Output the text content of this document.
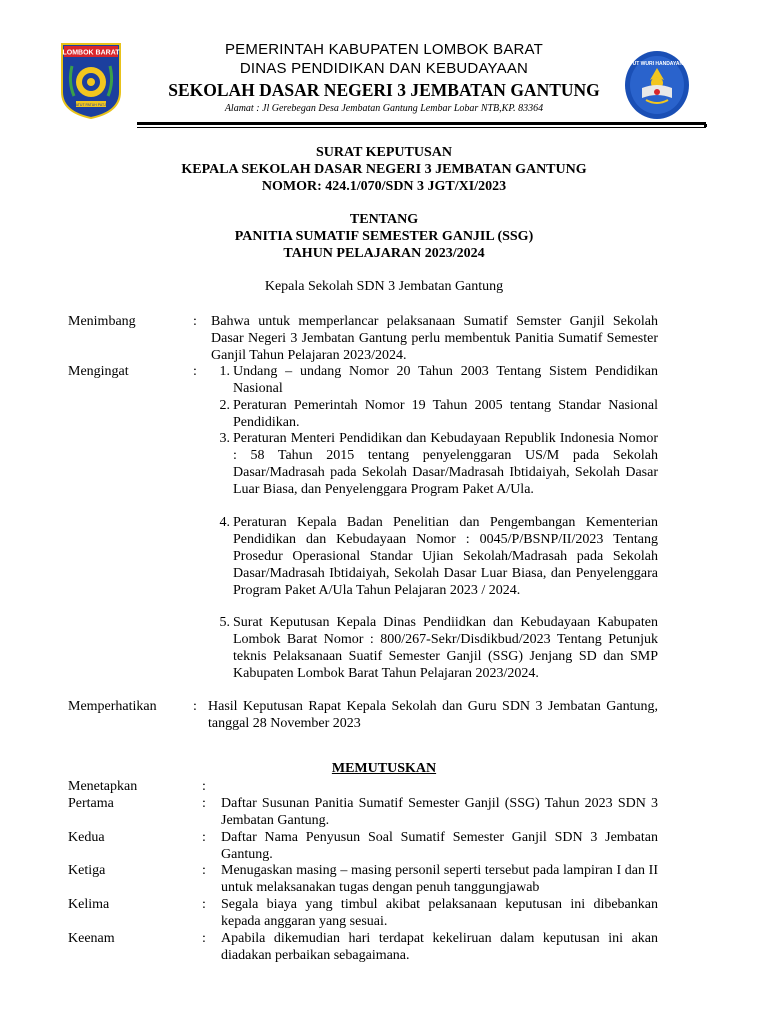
LOMBOK BARAT
PATUT PATUH PATJU
TUT WURI HANDAYANI
PEMERINTAH KABUPATEN LOMBOK BARAT
DINAS PENDIDIKAN DAN KEBUDAYAAN
SEKOLAH DASAR NEGERI 3 JEMBATAN GANTUNG
Alamat : Jl Gerebegan Desa Jembatan Gantung Lembar Lobar NTB,KP. 83364
SURAT KEPUTUSAN
KEPALA SEKOLAH DASAR NEGERI 3 JEMBATAN GANTUNG
NOMOR: 424.1/070/SDN 3 JGT/XI/2023
TENTANG
PANITIA SUMATIF SEMESTER GANJIL (SSG)
TAHUN PELAJARAN 2023/2024
Kepala Sekolah SDN 3 Jembatan Gantung
Menimbang	: Bahwa untuk memperlancar pelaksanaan Sumatif Semster Ganjil Sekolah Dasar Negeri 3 Jembatan Gantung perlu membentuk Panitia Sumatif Semester Ganjil Tahun Pelajaran 2023/2024.
Mengingat	:	1. Undang – undang Nomor 20 Tahun 2003 Tentang Sistem Pendidikan Nasional
2. Peraturan Pemerintah Nomor 19 Tahun 2005 tentang Standar Nasional Pendidikan.
3. Peraturan Menteri Pendidikan dan Kebudayaan Republik Indonesia Nomor : 58 Tahun 2015 tentang penyelenggaran US/M pada Sekolah Dasar/Madrasah pada Sekolah Dasar/Madrasah Ibtidaiyah, Sekolah Dasar Luar Biasa, dan Penyelenggara Program Paket A/Ula.
4. Peraturan Kepala Badan Penelitian dan Pengembangan Kementerian Pendidikan dan Kebudayaan Nomor : 0045/P/BSNP/II/2023 Tentang Prosedur Operasional Standar Ujian Sekolah/Madrasah pada Sekolah Dasar/Madrasah Ibtidaiyah, Sekolah Dasar Luar Biasa, dan Penyelenggara Program Paket A/Ula Tahun Pelajaran 2023 / 2024.
5. Surat Keputusan Kepala Dinas Pendiidkan dan Kebudayaan Kabupaten Lombok Barat Nomor : 800/267-Sekr/Disdikbud/2023 Tentang Petunjuk teknis Pelaksanaan Suatif Semester Ganjil (SSG) Jenjang SD dan SMP Kabupaten Lombok Barat Tahun Pelajaran 2023/2024.
Memperhatikan	: Hasil Keputusan Rapat Kepala Sekolah dan Guru SDN 3 Jembatan Gantung, tanggal 28 November 2023
MEMUTUSKAN
Menetapkan	:
Pertama	: Daftar Susunan Panitia Sumatif Semester Ganjil (SSG) Tahun 2023 SDN 3 Jembatan Gantung.
Kedua	: Daftar Nama Penyusun Soal Sumatif Semester Ganjil SDN 3 Jembatan Gantung.
Ketiga	: Menugaskan masing – masing personil seperti tersebut pada lampiran I dan II untuk melaksanakan tugas dengan penuh tanggungjawab
Kelima	: Segala biaya yang timbul akibat pelaksanaan keputusan ini dibebankan kepada anggaran yang sesuai.
Keenam	: Apabila dikemudian hari terdapat kekeliruan dalam keputusan ini akan diadakan perbaikan sebagaimana.
